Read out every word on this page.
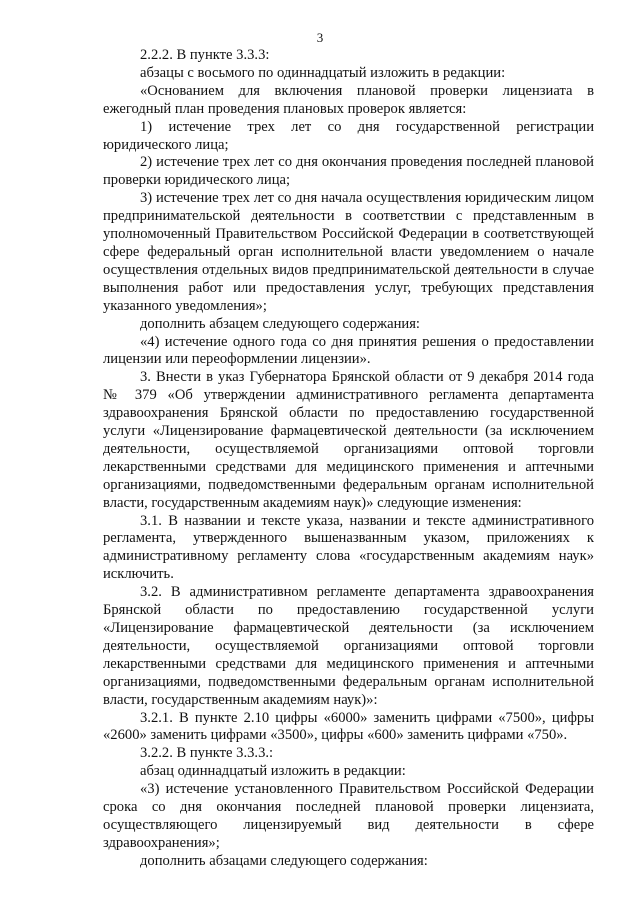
3

2.2.2. В пункте 3.3.3:

абзацы с восьмого по одиннадцатый изложить в редакции:

«Основанием для включения плановой проверки лицензиата в ежегодный план проведения плановых проверок является:

1) истечение трех лет со дня государственной регистрации юридического лица;

2) истечение трех лет со дня окончания проведения последней плановой проверки юридического лица;

3) истечение трех лет со дня начала осуществления юридическим лицом предпринимательской деятельности в соответствии с представленным в уполномоченный Правительством Российской Федерации в соответствующей сфере федеральный орган исполнительной власти уведомлением о начале осуществления отдельных видов предпринимательской деятельности в случае выполнения работ или предоставления услуг, требующих представления указанного уведомления»;

дополнить абзацем следующего содержания:

«4) истечение одного года со дня принятия решения о предоставлении лицензии или переоформлении лицензии».

3. Внести в указ Губернатора Брянской области от 9 декабря 2014 года № 379 «Об утверждении административного регламента департамента здравоохранения Брянской области по предоставлению государственной услуги «Лицензирование фармацевтической деятельности (за исключением деятельности, осуществляемой организациями оптовой торговли лекарственными средствами для медицинского применения и аптечными организациями, подведомственными федеральным органам исполнительной власти, государственным академиям наук)» следующие изменения:

3.1. В названии и тексте указа, названии и тексте административного регламента, утвержденного вышеназванным указом, приложениях к административному регламенту слова «государственным академиям наук» исключить.

3.2. В административном регламенте департамента здравоохранения Брянской области по предоставлению государственной услуги «Лицензирование фармацевтической деятельности (за исключением деятельности, осуществляемой организациями оптовой торговли лекарственными средствами для медицинского применения и аптечными организациями, подведомственными федеральным органам исполнительной власти, государственным академиям наук)»:

3.2.1. В пункте 2.10 цифры «6000» заменить цифрами «7500», цифры «2600» заменить цифрами «3500», цифры «600» заменить цифрами «750».

3.2.2. В пункте 3.3.3.:

абзац одиннадцатый изложить в редакции:

«3) истечение установленного Правительством Российской Федерации срока со дня окончания последней плановой проверки лицензиата, осуществляющего лицензируемый вид деятельности в сфере здравоохранения»;

дополнить абзацами следующего содержания:
